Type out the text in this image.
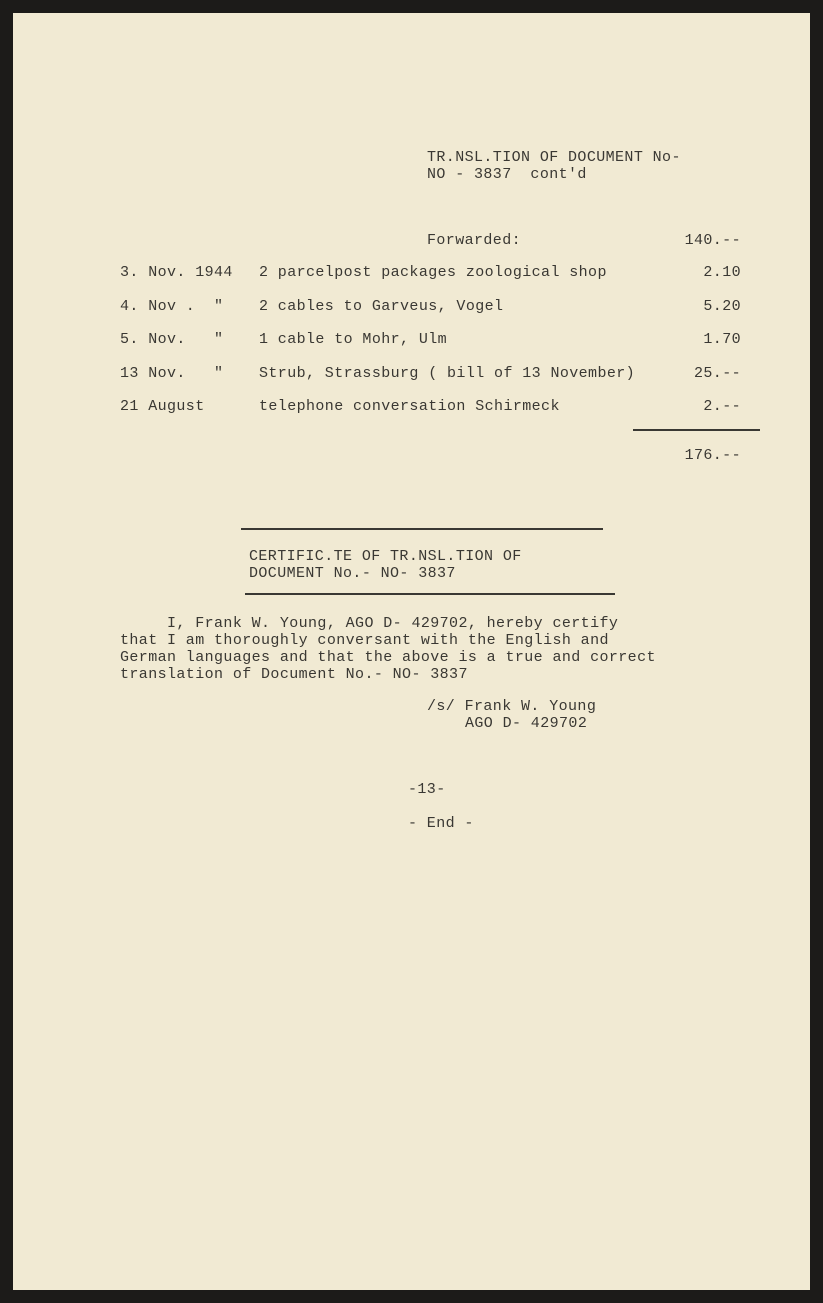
TR.NSL.TION OF DOCUMENT No-
NO - 3837  cont'd
Forwarded:	140.--
3. Nov. 1944 2 parcelpost packages zoological shop	2.10
4. Nov .  " 2 cables to Garveus, Vogel	5.20
5. Nov.   " 1 cable to Mohr, Ulm	1.70
13 Nov.   " Strub, Strassburg ( bill of 13 November)	25.--
21 August	telephone conversation Schirmeck	2.--
176.--
CERTIFIC.TE OF TR.NSL.TION OF
DOCUMENT No.- NO- 3837
I, Frank W. Young, AGO D- 429702, hereby certify
that I am thoroughly conversant with the English and
German languages and that the above is a true and correct
translation of Document No.- NO- 3837
/s/ Frank W. Young
AGO D- 429702
-13-
- End -
